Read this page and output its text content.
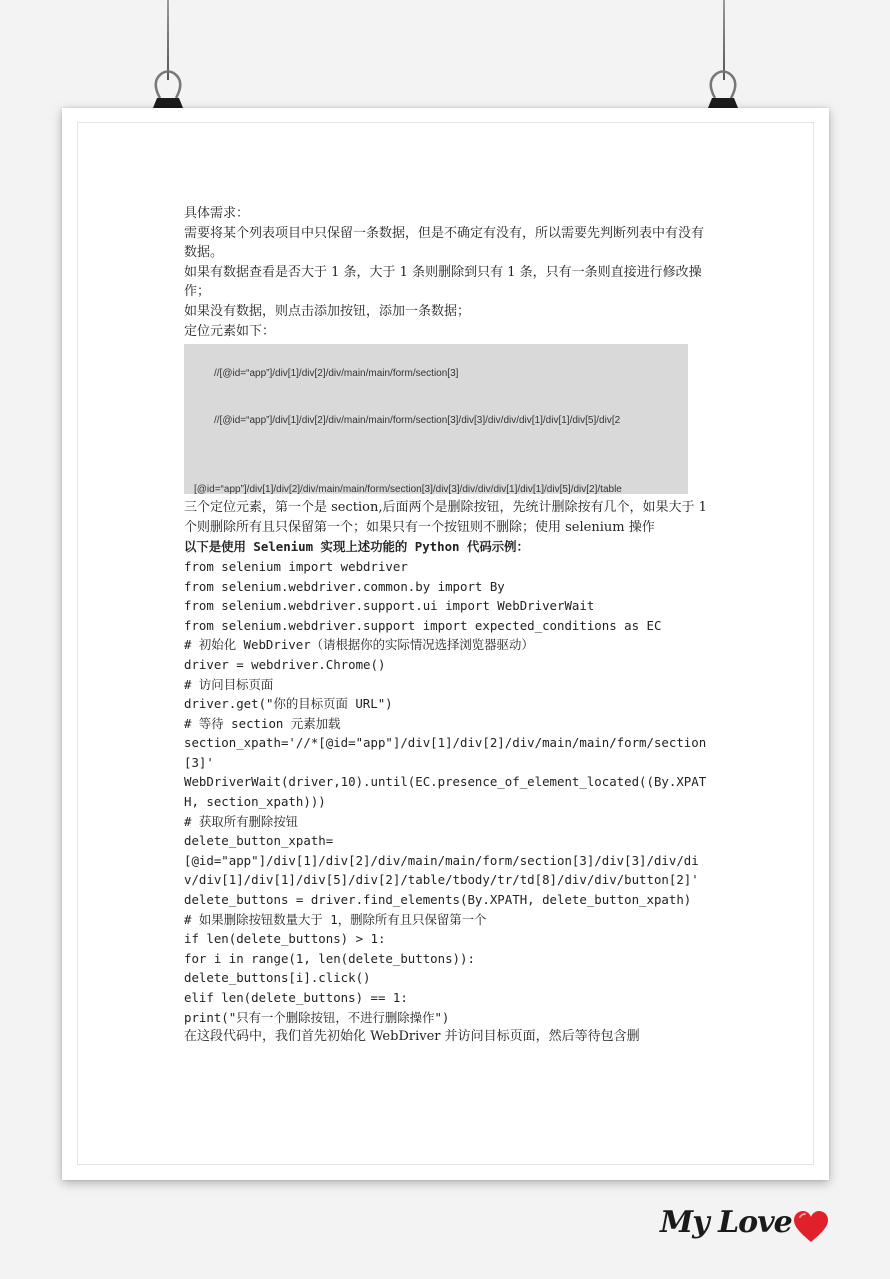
具体需求：

需要将某个列表项目中只保留一条数据，但是不确定有没有，所以需要先判断列表中有没有数据。

如果有数据查看是否大于 1 条，大于 1 条则删除到只有 1 条，只有一条则直接进行修改操作；

如果没有数据，则点击添加按钮，添加一条数据；

定位元素如下：

//[@id=“app”]/div[1]/div[2]/div/main/main/form/section[3]
//[@id=“app”]/div[1]/div[2]/div/main/main/form/section[3]/div[3]/div/div/div[1]/div[1]/div[5]/div[2
[@id=“app”]/div[1]/div[2]/div/main/main/form/section[3]/div[3]/div/div/div[1]/div[1]/div[5]/div[2]/table

三个定位元素，第一个是 section,后面两个是删除按钮，先统计删除按有几个，如果大于 1 个则删除所有且只保留第一个；如果只有一个按钮则不删除；使用 selenium 操作

以下是使用 Selenium 实现上述功能的 Python 代码示例：

from selenium import webdriver

from selenium.webdriver.common.by import By

from selenium.webdriver.support.ui import WebDriverWait

from selenium.webdriver.support import expected_conditions as EC

# 初始化 WebDriver（请根据你的实际情况选择浏览器驱动）

driver = webdriver.Chrome()

# 访问目标页面

driver.get("你的目标页面 URL")

# 等待 section 元素加载

section_xpath='//*[@id="app"]/div[1]/div[2]/div/main/main/form/section[3]'

WebDriverWait(driver,10).until(EC.presence_of_element_located((By.XPATH, section_xpath)))

# 获取所有删除按钮

delete_button_xpath=

[@id="app"]/div[1]/div[2]/div/main/main/form/section[3]/div[3]/div/div/div[1]/div[1]/div[5]/div[2]/table/tbody/tr/td[8]/div/div/button[2]'

delete_buttons = driver.find_elements(By.XPATH, delete_button_xpath)

# 如果删除按钮数量大于 1，删除所有且只保留第一个

if len(delete_buttons) > 1:

for i in range(1, len(delete_buttons)):

delete_buttons[i].click()

elif len(delete_buttons) == 1:

print("只有一个删除按钮，不进行删除操作")

在这段代码中，我们首先初始化 WebDriver 并访问目标页面，然后等待包含删

My Love
